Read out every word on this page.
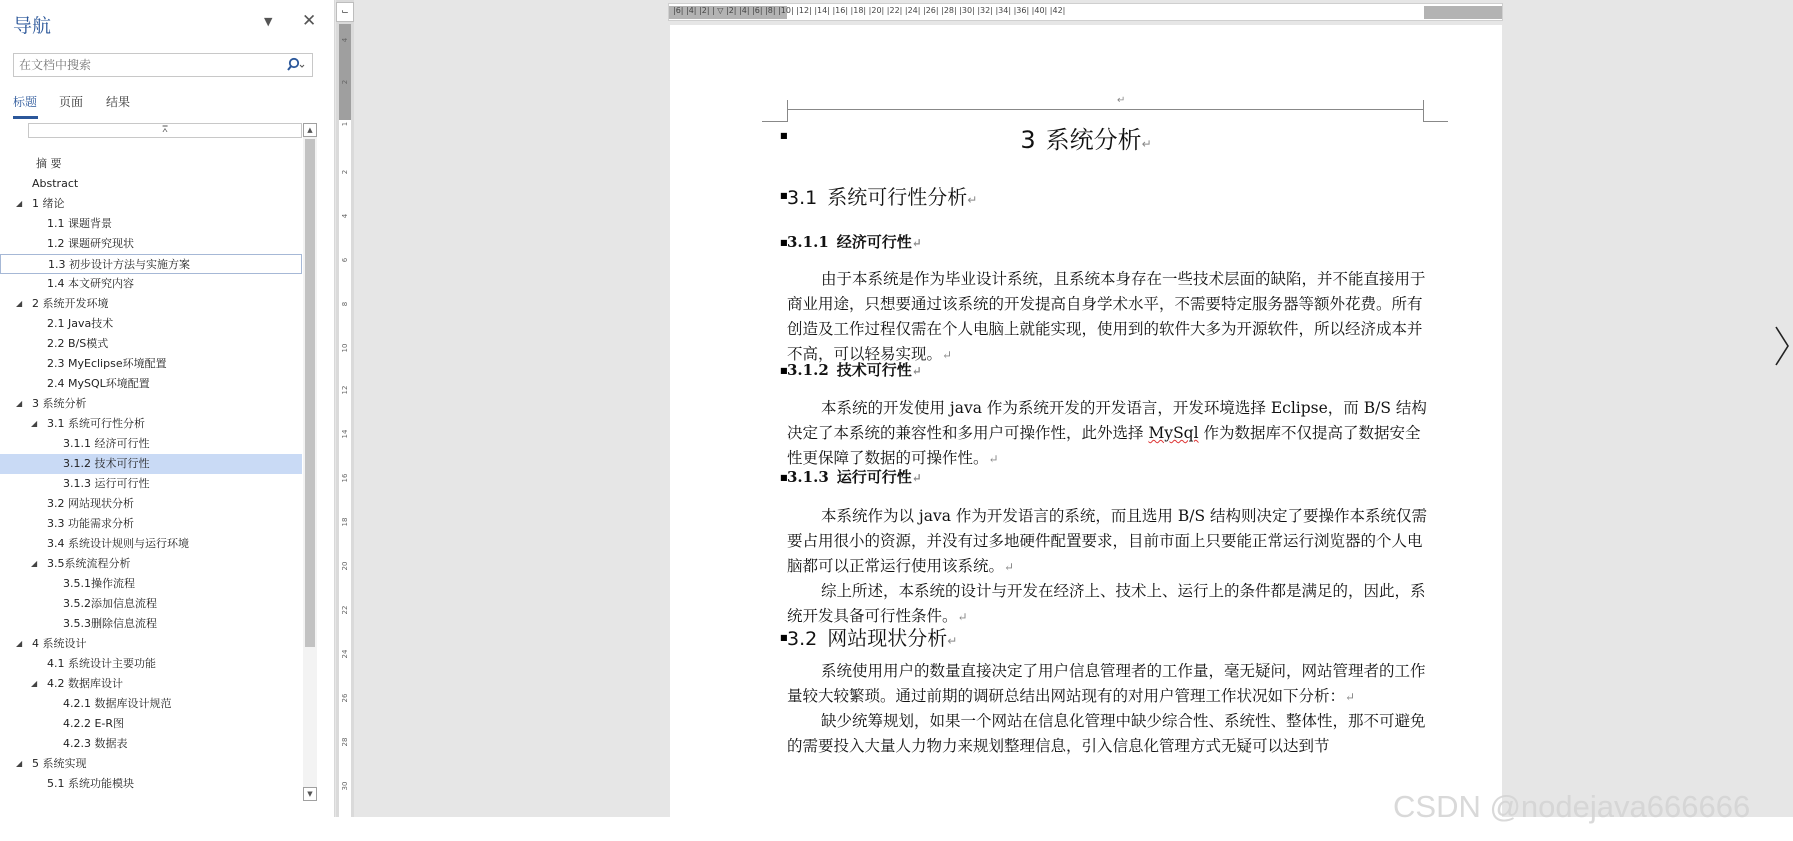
导航	▼ ✕
在文档中搜索
标题 页面 结果
⩞
摘 要
Abstract
◢ 1 绪论
1.1 课题背景
1.2 课题研究现状
1.3 初步设计方法与实施方案
1.4 本文研究内容
◢ 2 系统开发环境
2.1 Java技术
2.2 B/S模式
2.3 MyEclipse环境配置
2.4 MySQL环境配置
◢ 3 系统分析
◢ 3.1 系统可行性分析
3.1.1 经济可行性
3.1.2 技术可行性
3.1.3 运行可行性
3.2 网站现状分析
3.3 功能需求分析
3.4 系统设计规则与运行环境
◢ 3.5系统流程分析
3.5.1操作流程
3.5.2添加信息流程
3.5.3删除信息流程
◢ 4 系统设计
4.1 系统设计主要功能
◢ 4.2 数据库设计
4.2.1 数据库设计规范
4.2.2 E-R图
4.2.3 数据表
◢ 5 系统实现
5.1 系统功能模块
▲
▼
⌙
4
2
1
2
4
6
8
10
12
14
16
18
20
22
24
26
28
30
|6| |4| |2| | ▽ |2| |4| |6| |8| |10| |12| |14| |16| |18| |20| |22| |24| |26| |28| |30| |32| |34| |36| |40| |42|
↵
■	3 系统分析↵
■ 3.1 系统可行性分析↵
■ 3.1.1 经济可行性↵
由于本系统是作为毕业设计系统，且系统本身存在一些技术层面的缺陷，并不能直接用于商业用途，只想要通过该系统的开发提高自身学术水平，不需要特定服务器等额外花费。所有创造及工作过程仅需在个人电脑上就能实现，使用到的软件大多为开源软件，所以经济成本并不高，可以轻易实现。↵
■ 3.1.2 技术可行性↵
本系统的开发使用 java 作为系统开发的开发语言，开发环境选择 Eclipse，而 B/S 结构决定了本系统的兼容性和多用户可操作性，此外选择 MySql 作为数据库不仅提高了数据安全性更保障了数据的可操作性。↵
■ 3.1.3 运行可行性↵
本系统作为以 java 作为开发语言的系统，而且选用 B/S 结构则决定了要操作本系统仅需要占用很小的资源，并没有过多地硬件配置要求，目前市面上只要能正常运行浏览器的个人电脑都可以正常运行使用该系统。↵
综上所述，本系统的设计与开发在经济上、技术上、运行上的条件都是满足的，因此，系统开发具备可行性条件。↵
■ 3.2 网站现状分析↵
系统使用用户的数量直接决定了用户信息管理者的工作量，毫无疑问，网站管理者的工作量较大较繁琐。通过前期的调研总结出网站现有的对用户管理工作状况如下分析：↵
缺少统筹规划，如果一个网站在信息化管理中缺少综合性、系统性、整体性，那不可避免的需要投入大量人力物力来规划整理信息，引入信息化管理方式无疑可以达到节
CSDN @nodejava666666
